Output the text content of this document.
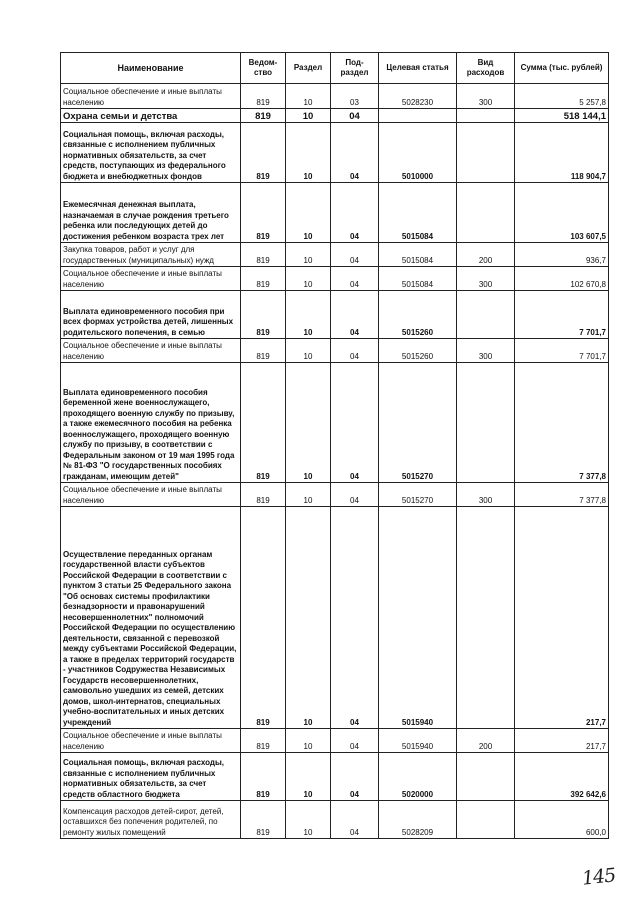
Наименование	Ведом-ство	Раздел	Под-раздел	Целевая статья	Вид расходов	Сумма (тыс. рублей)
Социальное обеспечение и иные выплаты населению	819	10	03	5028230	300	5 257,8
Охрана семьи и детства	819	10	04			518 144,1
Социальная помощь, включая расходы, связанные с исполнением публичных нормативных обязательств, за счет средств, поступающих из федерального бюджета и внебюджетных фондов	819	10	04	5010000		118 904,7
Ежемесячная денежная выплата, назначаемая в случае рождения третьего ребенка или последующих детей до достижения ребенком возраста трех лет	819	10	04	5015084		103 607,5
Закупка товаров, работ и услуг для государственных (муниципальных) нужд	819	10	04	5015084	200	936,7
Социальное обеспечение и иные выплаты населению	819	10	04	5015084	300	102 670,8
Выплата единовременного пособия при всех формах устройства детей, лишенных родительского попечения, в семью	819	10	04	5015260		7 701,7
Социальное обеспечение и иные выплаты населению	819	10	04	5015260	300	7 701,7
Выплата единовременного пособия беременной жене военнослужащего, проходящего военную службу по призыву, а также ежемесячного пособия на ребенка военнослужащего, проходящего военную службу по призыву, в соответствии с Федеральным законом от 19 мая 1995 года № 81-ФЗ "О государственных пособиях гражданам, имеющим детей"	819	10	04	5015270		7 377,8
Социальное обеспечение и иные выплаты населению	819	10	04	5015270	300	7 377,8
Осуществление переданных органам государственной власти субъектов Российской Федерации в соответствии с пунктом 3 статьи 25 Федерального закона "Об основах системы профилактики безнадзорности и правонарушений несовершеннолетних" полномочий Российской Федерации по осуществлению деятельности, связанной с перевозкой между субъектами Российской Федерации, а также в пределах территорий государств - участников Содружества Независимых Государств несовершеннолетних, самовольно ушедших из семей, детских домов, школ-интернатов, специальных учебно-воспитательных и иных детских учреждений	819	10	04	5015940		217,7
Социальное обеспечение и иные выплаты населению	819	10	04	5015940	200	217,7
Социальная помощь, включая расходы, связанные с исполнением публичных нормативных обязательств, за счет средств областного бюджета	819	10	04	5020000		392 642,6
Компенсация расходов детей-сирот, детей, оставшихся без попечения родителей, по ремонту жилых помещений	819	10	04	5028209		600,0
145
